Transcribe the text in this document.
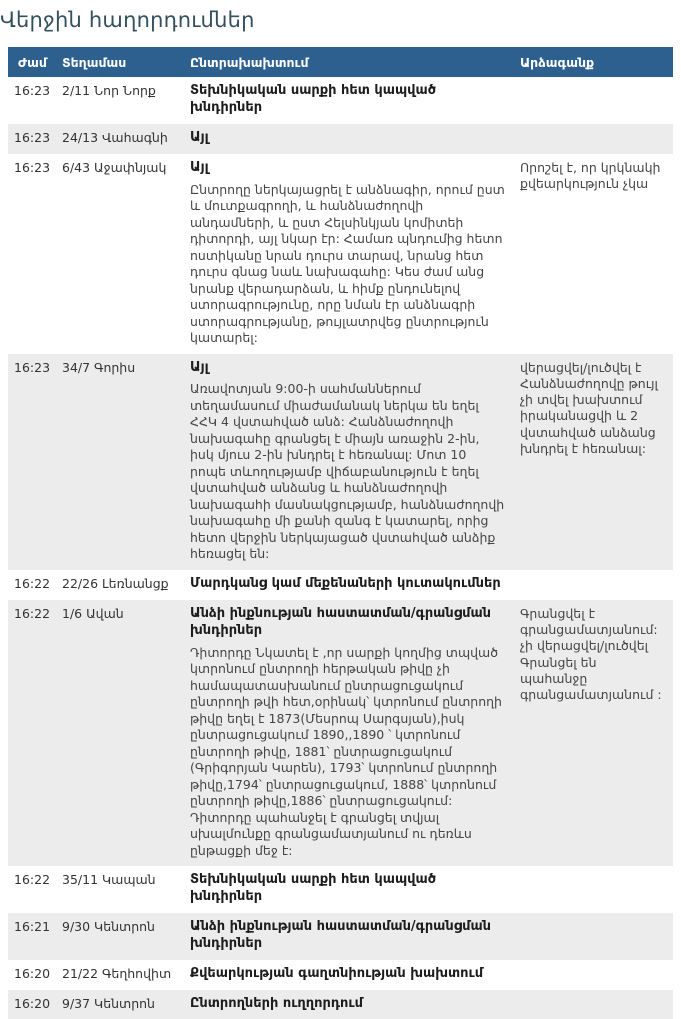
Վերջին հաղորդումներ
Ժամ	Տեղամաս	Ընտրախախտում	Արձագանք
16:23	2/11 Նոր Նորք	Տեխնիկական սարքի հետ կապված խնդիրներ	

16:23	24/13 Վահագնի	Այլ	

16:23	6/43 Աջափնյակ	Այլ
Ընտրողը ներկայացրել է անձնագիր, որում ըստ և մուտքագրողի, և հանձնաժողովի անդամների, և ըստ Հելսինկյան կոմիտեի դիտորդի, այլ նկար էր: Համառ պնդումից հետո ոստիկանը նրան դուրս տարավ, նրանց հետ դուրս գնաց նաև նախագահը: Կես ժամ անց նրանք վերադարձան, և հիմք ընդունելով ստորագրությունը, որը նման էր անձնագրի ստորագրությանը, թույլատրվեց ընտրություն կատարել:	Որոշել է, որ կրկնակի քվեարկություն չկա
16:23	34/7 Գորիս	Այլ
Առավոտյան 9:00-ի սահմաններում տեղամասում միաժամանակ ներկա են եղել ՀՀԿ 4 վստահված անձ: Հանձնաժողովի նախագահը գրանցել է միայն առաջին 2-ին, իսկ մյուս 2-ին խնդրել է հեռանալ: Մոտ 10 րոպե տևողությամբ վիճաբանություն է եղել վստահված անձանց և հանձնաժողովի նախագահի մասնակցությամբ, հանձնաժողովի նախագահը մի քանի զանգ է կատարել, որից հետո վերջին ներկայացած վստահված անձիք հեռացել են:	վերացվել/լուծվել է Հանձնաժողովը թույլ չի տվել խախտում իրականացվի և 2 վստահված անձանց խնդրել է հեռանալ:
16:22	22/26 Լեռնանցք	Մարդկանց կամ մեքենաների կուտակումներ	

16:22	1/6 Ավան	Անձի ինքնության հաստատման/գրանցման խնդիրներ
Դիտորդը Նկատել է ,որ սարքի կողմից տպված կտրոնում ընտրողի հերթական թիվը չի համապատասխանում ընտրացուցակում ընտրողի թվի հետ,օրինակ՝ կտրոնում ընտրողի թիվը եղել է 1873(Մեսրոպ Սարգսյան),իսկ ընտրացուցակում 1890,,1890 ՝ կտրոնում ընտրողի թիվը, 1881՝ ընտրացուցակում (Գրիգորյան Կարեն), 1793՝ կտրոնում ընտրողի թիվը,1794՝ ընտրացուցակում, 1888՝ կտրոնում ընտրողի թիվը,1886՝ ընտրացուցակում: Դիտորդը պահանջել է գրանցել տվյալ սխալմունքը գրանցամատյանում ու դեռևս ընթացքի մեջ է:	Գրանցվել է գրանցամատյանում: չի վերացվել/լուծվել Գրանցել են պահանջը գրանցամատյանում :
16:22	35/11 Կապան	Տեխնիկական սարքի հետ կապված խնդիրներ	

16:21	9/30 Կենտրոն	Անձի ինքնության հաստատման/գրանցման խնդիրներ	

16:20	21/22 Գեղհովիտ	Քվեարկության գաղտնիության խախտում	

16:20	9/37 Կենտրոն	Ընտրողների ուղղորդում	
